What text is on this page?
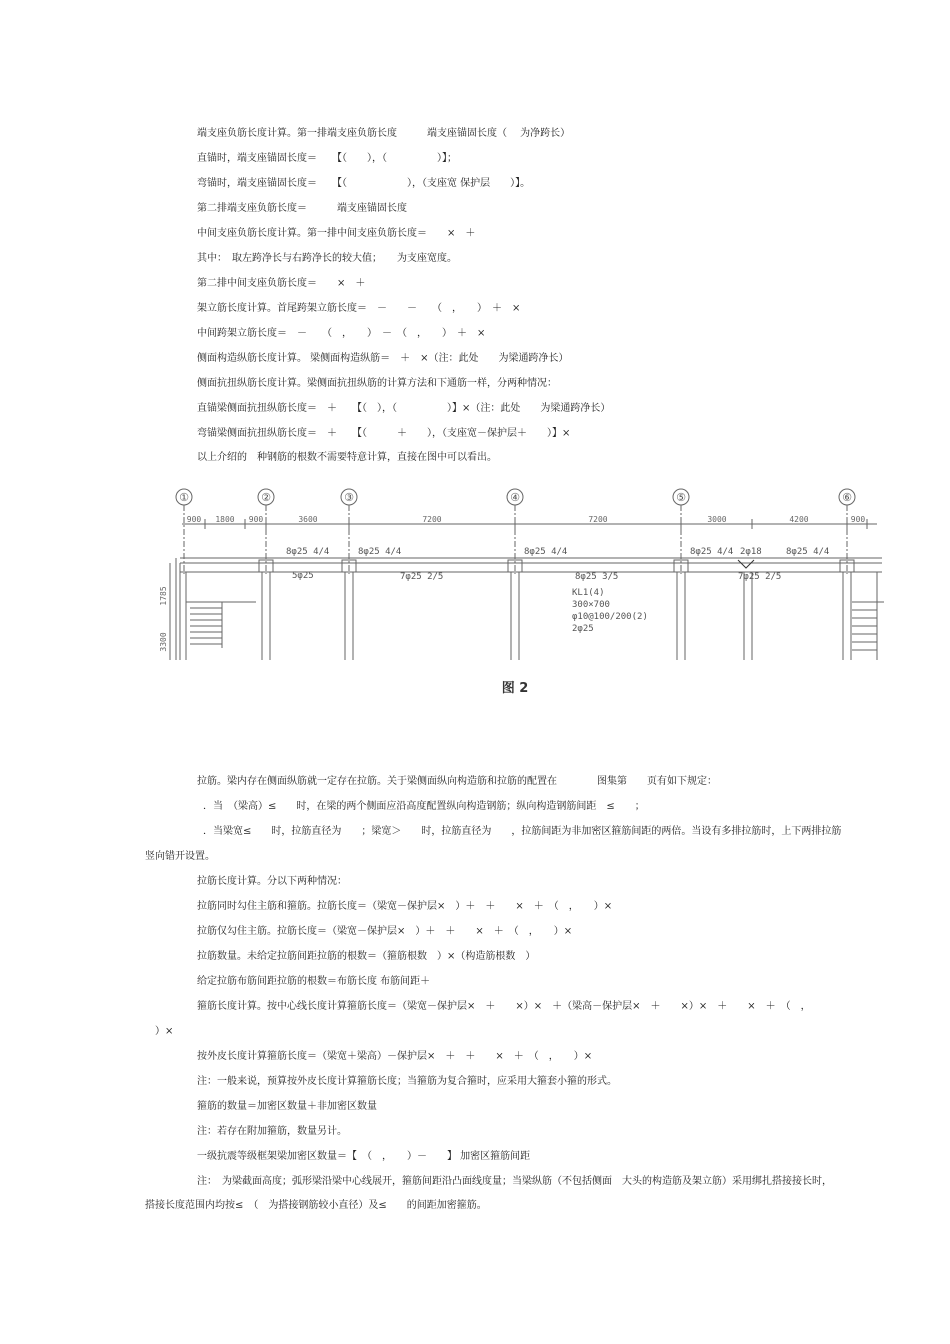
端支座负筋长度计算。第一排端支座负筋长度　　　端支座锚固长度（　 为净跨长）
直锚时，端支座锚固长度＝　　【（　　），（　　　　　）】；
弯锚时，端支座锚固长度＝　　【（　　　　　　），（支座宽 保护层　　）】。
第二排端支座负筋长度＝　　　端支座锚固长度
中间支座负筋长度计算。第一排中间支座负筋长度＝　　×　＋
其中：　取左跨净长与右跨净长的较大值；　　为支座宽度。
第二排中间支座负筋长度＝　　×　＋
架立筋长度计算。首尾跨架立筋长度＝　－　　－　　（　，　　）　＋　×
中间跨架立筋长度＝　－　　（　，　　）　－　（　，　　）　＋　×
侧面构造纵筋长度计算。 梁侧面构造纵筋＝　＋　×（注：此处　　为梁通跨净长）
侧面抗扭纵筋长度计算。梁侧面抗扭纵筋的计算方法和下通筋一样，分两种情况：
直锚梁侧面抗扭纵筋长度＝　＋　　【（　），（　　　　　）】×（注：此处　　为梁通跨净长）
弯锚梁侧面抗扭纵筋长度＝　＋　　【（　　　＋　　），（支座宽－保护层＋　　）】×
以上介绍的　种钢筋的根数不需要特意计算，直接在图中可以看出。
①	②	③	④	⑤	⑥
900 1800 900	3600	7200	7200	3000	4200	900
8φ25 4/4	8φ25 4/4	8φ25 4/4	8φ25 4/4 2φ18	8φ25 4/4
5φ25	7φ25 2/5	8φ25 3/5	7φ25 2/5
KL1(4)
300×700
φ10@100/200(2)
2φ25
1785
3300
图 2
拉筋。梁内存在侧面纵筋就一定存在拉筋。关于梁侧面纵向构造筋和拉筋的配置在　　　　图集第　　页有如下规定：
．当　（梁高）≤　　时，在梁的两个侧面应沿高度配置纵向构造钢筋；纵向构造钢筋间距　≤　　；
．当梁宽≤　　时，拉筋直径为　　；梁宽＞　　时，拉筋直径为　　，拉筋间距为非加密区箍筋间距的两倍。当设有多排拉筋时，上下两排拉筋
竖向错开设置。
拉筋长度计算。分以下两种情况：
拉筋同时勾住主筋和箍筋。拉筋长度＝（梁宽－保护层×　）＋　＋　　×　＋　（　，　　）×
拉筋仅勾住主筋。拉筋长度＝（梁宽－保护层×　）＋　＋　　×　＋　（　，　　）×
拉筋数量。未给定拉筋间距拉筋的根数＝（箍筋根数　）×（构造筋根数　）
给定拉筋布筋间距拉筋的根数＝布筋长度 布筋间距＋
箍筋长度计算。按中心线长度计算箍筋长度＝（梁宽－保护层×　＋　　×）×　＋（梁高－保护层×　＋　　×）×　＋　　×　＋　（　，
）×
按外皮长度计算箍筋长度＝（梁宽＋梁高）－保护层×　＋　＋　　×　＋　（　，　　）×
注：一般来说，预算按外皮长度计算箍筋长度；当箍筋为复合箍时，应采用大箍套小箍的形式。
箍筋的数量＝加密区数量＋非加密区数量
注：若存在附加箍筋，数量另计。
一级抗震等级框架梁加密区数量＝【　（　，　　）－　　】 加密区箍筋间距
注：　为梁截面高度；弧形梁沿梁中心线展开，箍筋间距沿凸面线度量；当梁纵筋（不包括侧面　大头的构造筋及架立筋）采用绑扎搭接接长时，
搭接长度范围内均按≤　（　为搭接钢筋较小直径）及≤　　的间距加密箍筋。
